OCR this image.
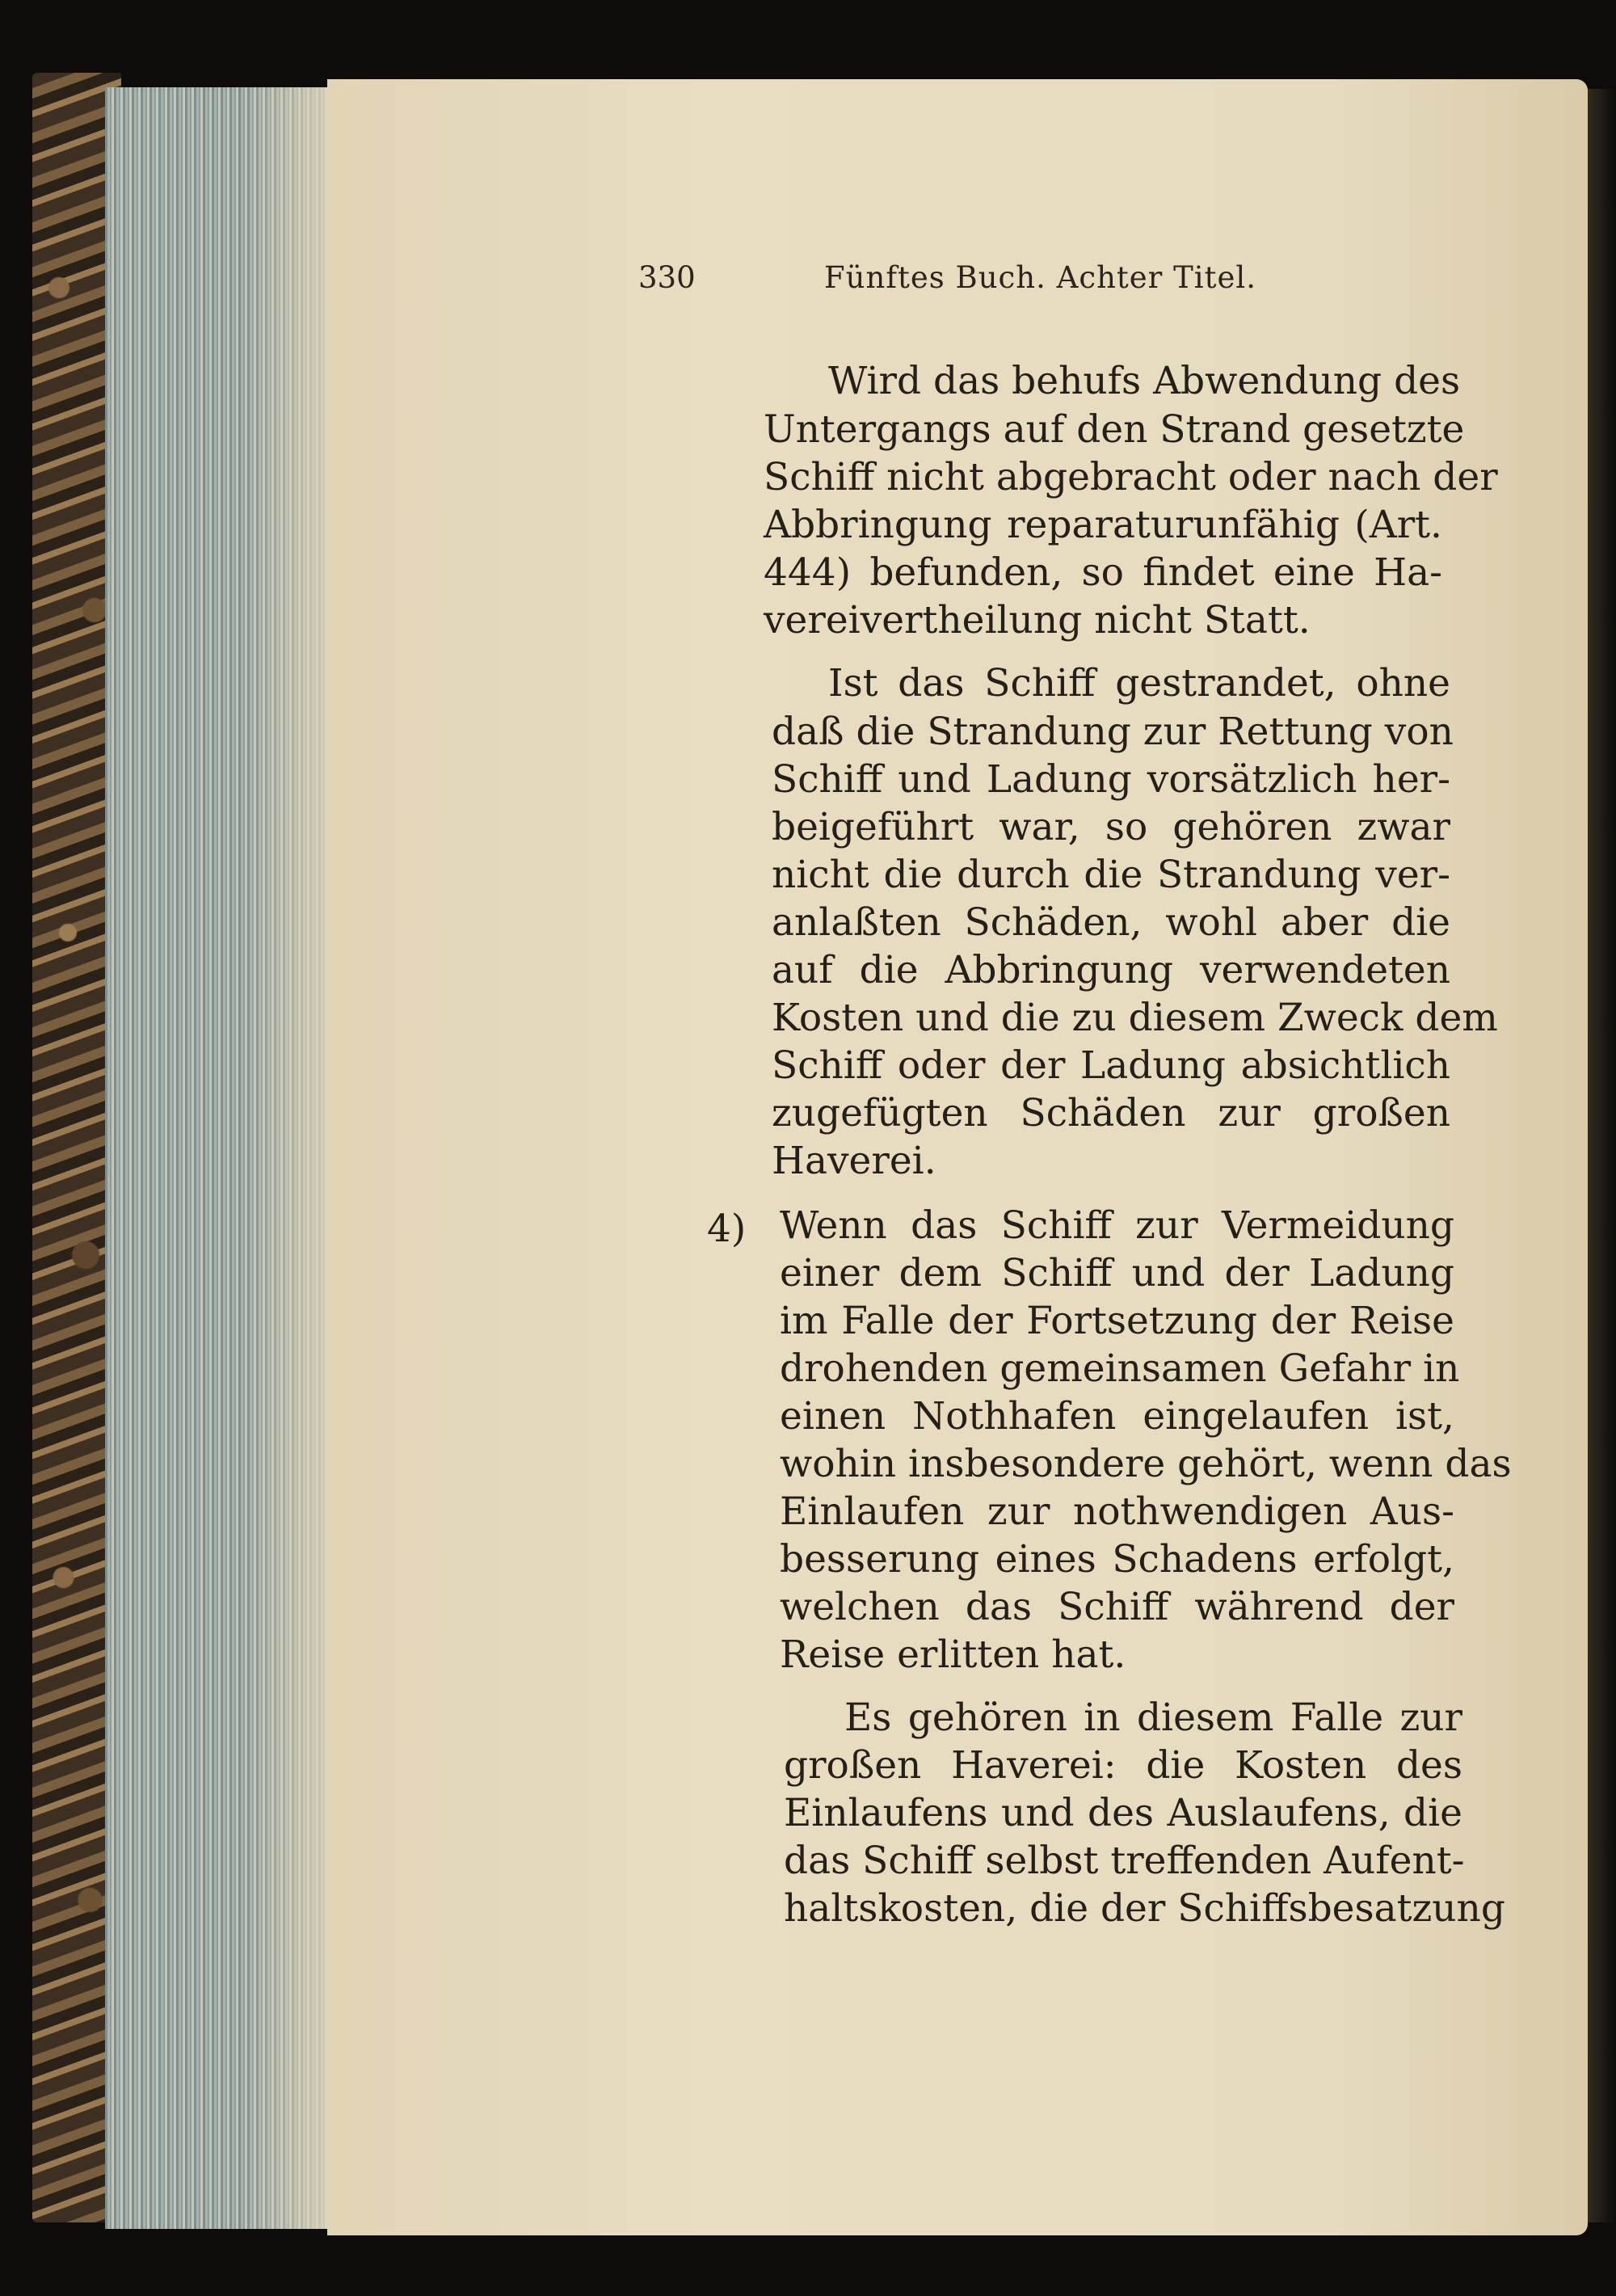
330	Fünftes Buch. Achter Titel.
Wird das behufs Abwendung des
Untergangs auf den Strand gesetzte
Schiff nicht abgebracht oder nach der
Abbringung reparaturunfähig (Art.
444) befunden, so findet eine Ha-
vereivertheilung nicht Statt.
Ist das Schiff gestrandet, ohne
daß die Strandung zur Rettung von
Schiff und Ladung vorsätzlich her-
beigeführt war, so gehören zwar
nicht die durch die Strandung ver-
anlaßten Schäden, wohl aber die
auf die Abbringung verwendeten
Kosten und die zu diesem Zweck dem
Schiff oder der Ladung absichtlich
zugefügten Schäden zur großen
Haverei.
4) Wenn das Schiff zur Vermeidung
einer dem Schiff und der Ladung
im Falle der Fortsetzung der Reise
drohenden gemeinsamen Gefahr in
einen Nothhafen eingelaufen ist,
wohin insbesondere gehört, wenn das
Einlaufen zur nothwendigen Aus-
besserung eines Schadens erfolgt,
welchen das Schiff während der
Reise erlitten hat.
Es gehören in diesem Falle zur
großen Haverei: die Kosten des
Einlaufens und des Auslaufens, die
das Schiff selbst treffenden Aufent-
haltskosten, die der Schiffsbesatzung
